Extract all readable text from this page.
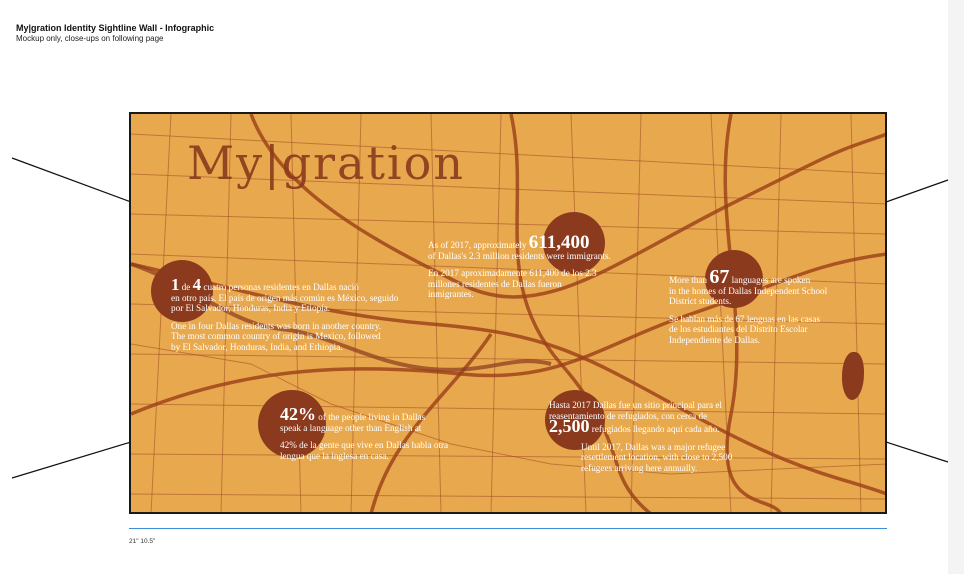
My|gration Identity Sightline Wall - Infographic
Mockup only, close-ups on following page
My|gration

1 de 4 cuatro personas residentes en Dallas nació
en otro país. El país de origen más común es México, seguido por El Salvador, Honduras, India y Etiopía.

One in four Dallas residents was born in another country. The most common country of origin is Mexico, followed by El Salvador, Honduras, India, and Ethiopia.

As of 2017, approximately 611,400
of Dallas's 2.3 million residents were immigrants.

En 2017 aproximadamente 611,400 de los 2.3 millones residentes de Dallas fueron inmigrantes.

More than 67 languages are spoken
in the homes of Dallas Independent School District students.

Se hablan más de 67 lenguas en las casas de los estudiantes del Distrito Escolar Independiente de Dallas.

42% of the people living in Dallas
speak a language other than English at

42% de la gente que vive en Dallas habla otra lengua que la inglesa en casa.

Hasta 2017 Dallas fue un sitio principal para el reasentamiento de refugiados, con cerca de
2,500 refugiados llegando aquí cada año.

Until 2017, Dallas was a major refugee resettlement location, with close to 2,500 refugees arriving here annually.

21" 10.5"
